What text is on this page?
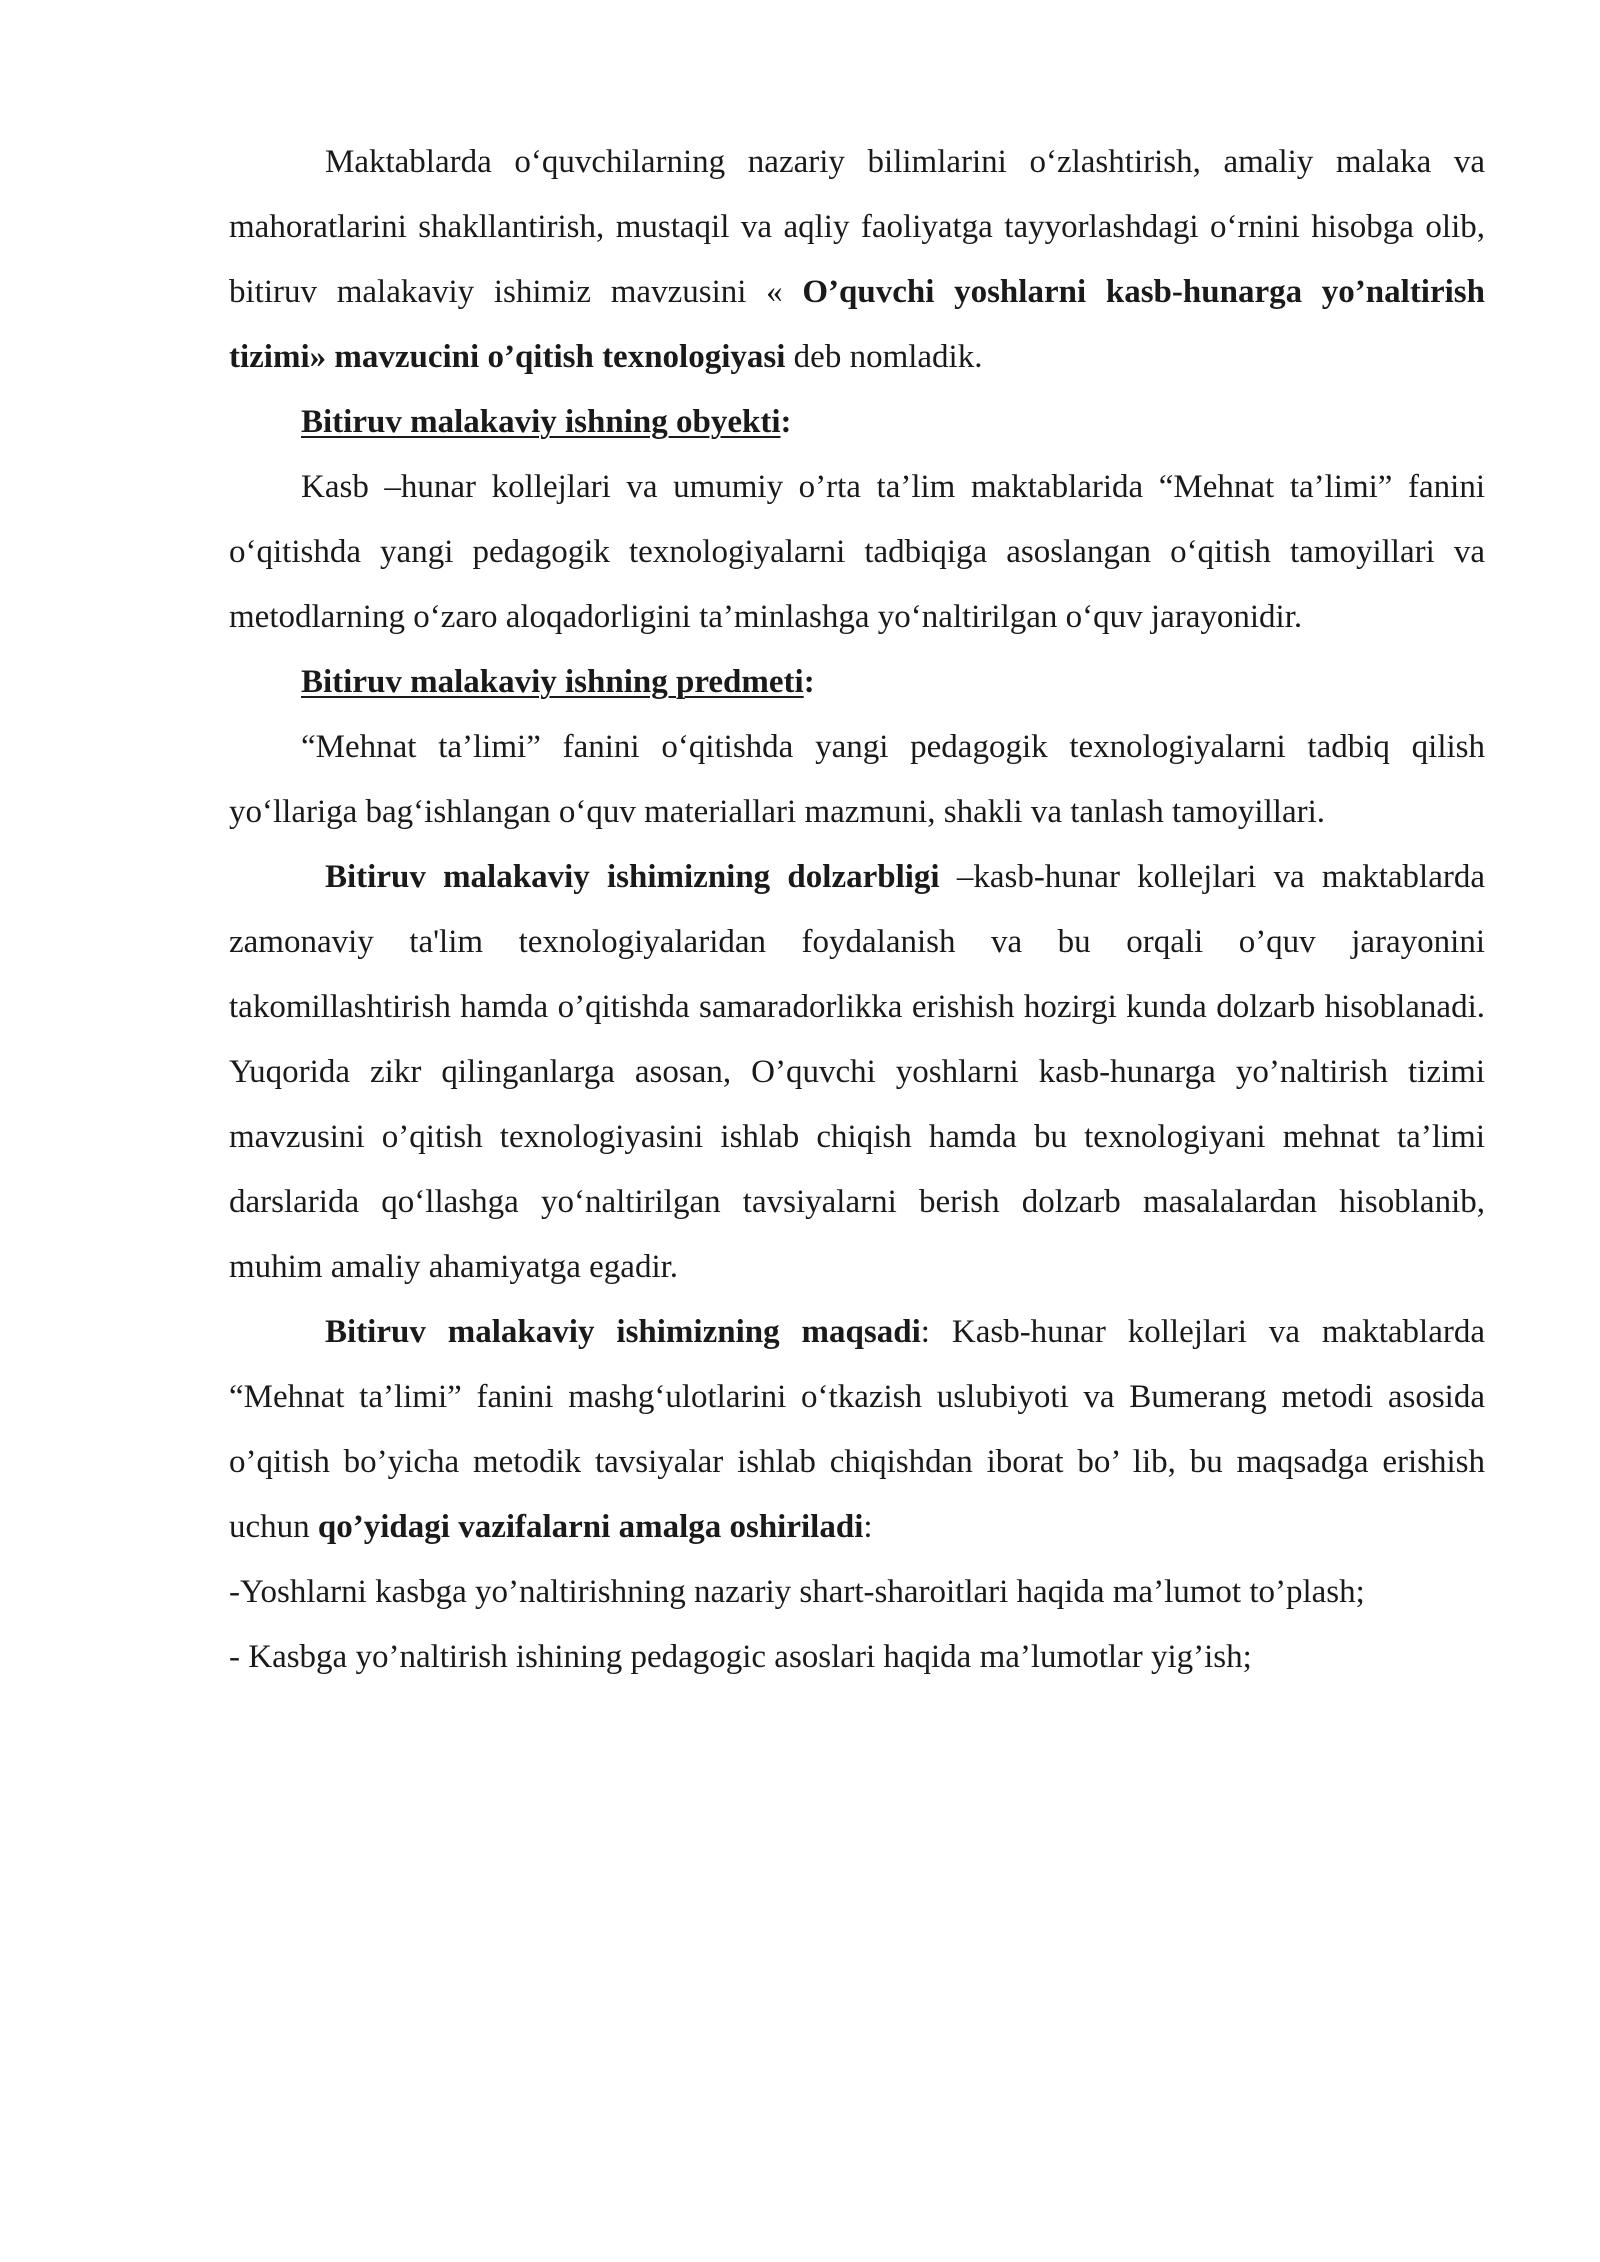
Maktablarda o‘quvchilarning nazariy bilimlarini o‘zlashtirish, amaliy malaka va mahoratlarini shakllantirish, mustaqil va aqliy faoliyatga tayyorlashdagi o‘rnini hisobga olib, bitiruv malakaviy ishimiz mavzusini « O’quvchi yoshlarni kasb-hunarga yo’naltirish tizimi» mavzucini o’qitish texnologiyasi deb nomladik.

Bitiruv malakaviy ishning obyekti:

Kasb –hunar kollejlari va umumiy o’rta ta’lim maktablarida “Mehnat ta’limi” fanini o‘qitishda yangi pedagogik texnologiyalarni tadbiqiga asoslangan o‘qitish tamoyillari va metodlarning o‘zaro aloqadorligini ta’minlashga yo‘naltirilgan o‘quv jarayonidir.

Bitiruv malakaviy ishning predmeti:

“Mehnat ta’limi” fanini o‘qitishda yangi pedagogik texnologiyalarni tadbiq qilish yo‘llariga bag‘ishlangan o‘quv materiallari mazmuni, shakli va tanlash tamoyillari.

Bitiruv malakaviy ishimizning dolzarbligi –kasb-hunar kollejlari va maktablarda zamonaviy ta'lim texnologiyalaridan foydalanish va bu orqali o’quv jarayonini takomillashtirish hamda o’qitishda samaradorlikka erishish hozirgi kunda dolzarb hisoblanadi. Yuqorida zikr qilinganlarga asosan, O’quvchi yoshlarni kasb-hunarga yo’naltirish tizimi mavzusini o’qitish texnologiyasini ishlab chiqish hamda bu texnologiyani mehnat ta’limi darslarida qo‘llashga yo‘naltirilgan tavsiyalarni berish dolzarb masalalardan hisoblanib, muhim amaliy ahamiyatga egadir.

Bitiruv malakaviy ishimizning maqsadi: Kasb-hunar kollejlari va maktablarda “Mehnat ta’limi” fanini mashg‘ulotlarini o‘tkazish uslubiyoti va Bumerang metodi asosida o’qitish bo’yicha metodik tavsiyalar ishlab chiqishdan iborat bo’ lib, bu maqsadga erishish uchun qo’yidagi vazifalarni amalga oshiriladi:

-Yoshlarni kasbga yo’naltirishning nazariy shart-sharoitlari haqida ma’lumot to’plash;

- Kasbga yo’naltirish ishining pedagogic asoslari haqida ma’lumotlar yig’ish;
